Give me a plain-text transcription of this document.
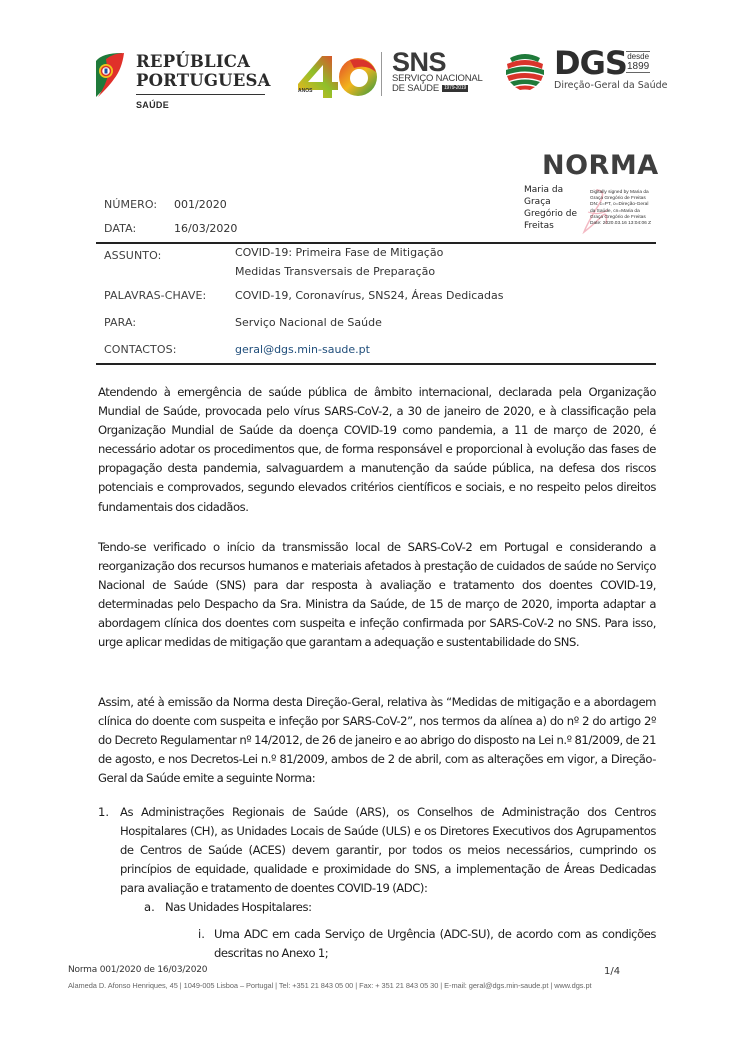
REPÚBLICA
PORTUGUESA
SAÚDE
ANOS
SNS
SERVIÇO NACIONAL
DE SAÚDE 1979-2019
DGS desde
1899
Direção-Geral da Saúde
NORMA
Maria da
Graça
Gregório de
Freitas
Digitally signed by Maria da
Graça Gregório de Freitas
DN: c=PT, o=Direção-Geral
da Saúde, cn=Maria da
Graça Gregório de Freitas
Date: 2020.03.16 13:04:06 Z
NÚMERO: 001/2020
DATA:	16/03/2020
ASSUNTO:	COVID-19: Primeira Fase de Mitigação
Medidas Transversais de Preparação
PALAVRAS-CHAVE:	COVID-19, Coronavírus, SNS24, Áreas Dedicadas
PARA:	Serviço Nacional de Saúde
CONTACTOS:	geral@dgs.min-saude.pt

Atendendo à emergência de saúde pública de âmbito internacional, declarada pela Organização Mundial de Saúde, provocada pelo vírus SARS-CoV-2, a 30 de janeiro de 2020, e à classificação pela Organização Mundial de Saúde da doença COVID-19 como pandemia, a 11 de março de 2020, é necessário adotar os procedimentos que, de forma responsável e proporcional à evolução das fases de propagação desta pandemia, salvaguardem a manutenção da saúde pública, na defesa dos riscos potenciais e comprovados, segundo elevados critérios científicos e sociais, e no respeito pelos direitos fundamentais dos cidadãos.

Tendo-se verificado o início da transmissão local de SARS-CoV-2 em Portugal e considerando a reorganização dos recursos humanos e materiais afetados à prestação de cuidados de saúde no Serviço Nacional de Saúde (SNS) para dar resposta à avaliação e tratamento dos doentes COVID-19, determinadas pelo Despacho da Sra. Ministra da Saúde, de 15 de março de 2020, importa adaptar a abordagem clínica dos doentes com suspeita e infeção confirmada por SARS-CoV-2 no SNS. Para isso, urge aplicar medidas de mitigação que garantam a adequação e sustentabilidade do SNS.

Assim, até à emissão da Norma desta Direção-Geral, relativa às “Medidas de mitigação e a abordagem clínica do doente com suspeita e infeção por SARS-CoV-2”, nos termos da alínea a) do nº 2 do artigo 2º do Decreto Regulamentar nº 14/2012, de 26 de janeiro e ao abrigo do disposto na Lei n.º 81/2009, de 21 de agosto, e nos Decretos-Lei n.º 81/2009, ambos de 2 de abril, com as alterações em vigor, a Direção-Geral da Saúde emite a seguinte Norma:

1. As Administrações Regionais de Saúde (ARS), os Conselhos de Administração dos Centros Hospitalares (CH), as Unidades Locais de Saúde (ULS) e os Diretores Executivos dos Agrupamentos de Centros de Saúde (ACES) devem garantir, por todos os meios necessários, cumprindo os princípios de equidade, qualidade e proximidade do SNS, a implementação de Áreas Dedicadas para avaliação e tratamento de doentes COVID-19 (ADC):

a. Nas Unidades Hospitalares:

i. Uma ADC em cada Serviço de Urgência (ADC-SU), de acordo com as condições descritas no Anexo 1;

Norma 001/2020 de 16/03/2020	1/4
Alameda D. Afonso Henriques, 45 | 1049-005 Lisboa – Portugal | Tel: +351 21 843 05 00 | Fax: + 351 21 843 05 30 | E-mail: geral@dgs.min-saude.pt | www.dgs.pt
